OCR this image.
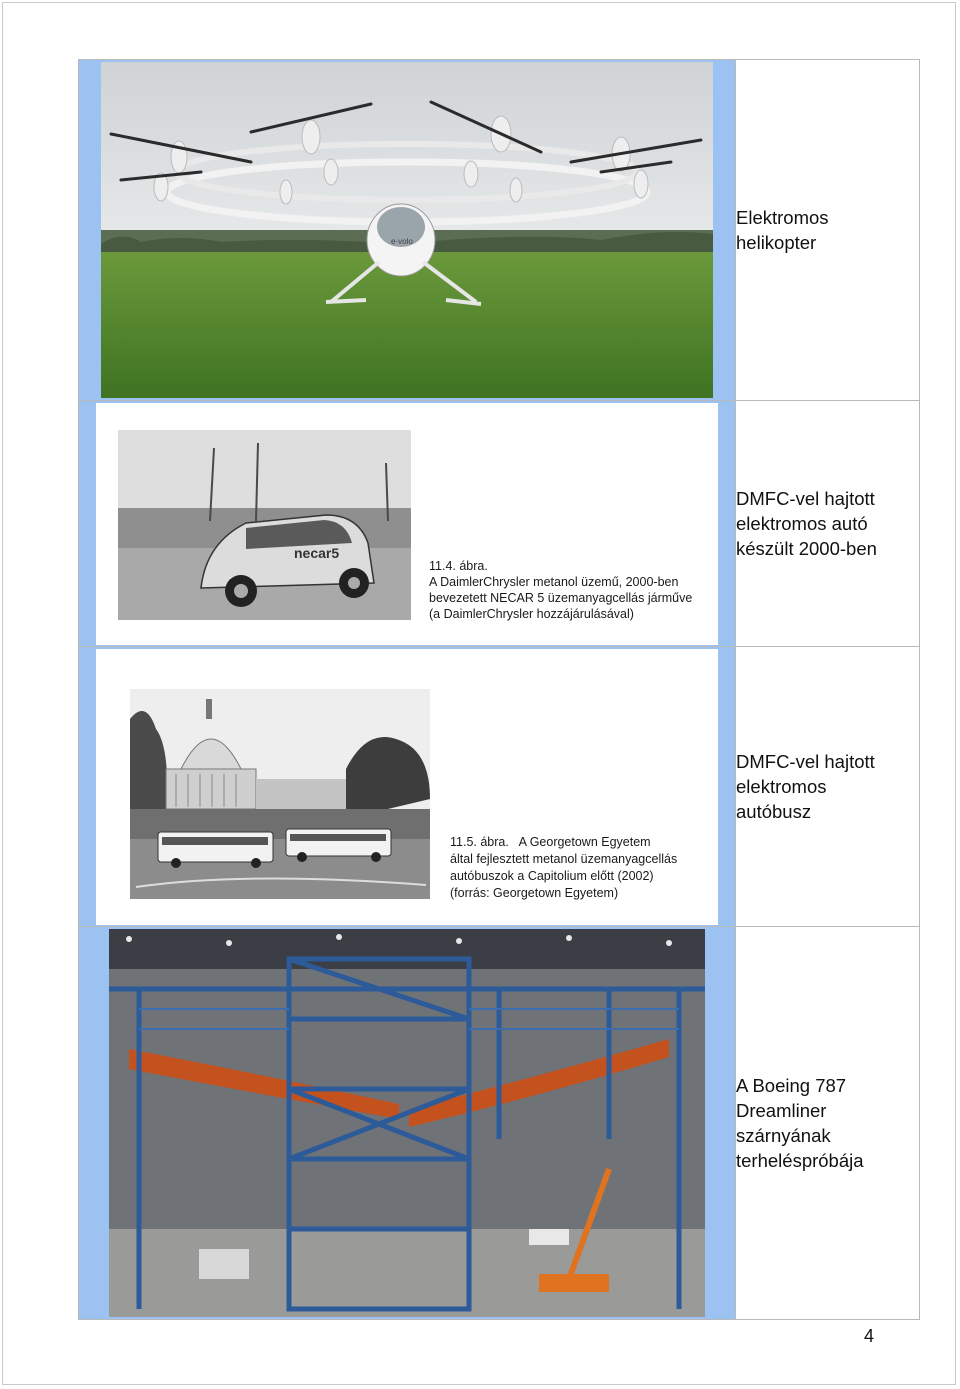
e·volo	Elektromos
helikopter

necar5
11.4. ábra.
A DaimlerChrysler metanol üzemű, 2000-ben
bevezetett NECAR 5 üzemanyagcellás járműve
(a DaimlerChrysler hozzájárulásával)	DMFC-vel hajtott
elektromos autó
készült 2000-ben

11.5. ábra.   A Georgetown Egyetem
által fejlesztett metanol üzemanyagcellás
autóbuszok a Capitolium előtt (2002)
(forrás: Georgetown Egyetem)	DMFC-vel hajtott
elektromos
autóbusz

A Boeing 787
Dreamliner
szárnyának
terheléspróbája

4
